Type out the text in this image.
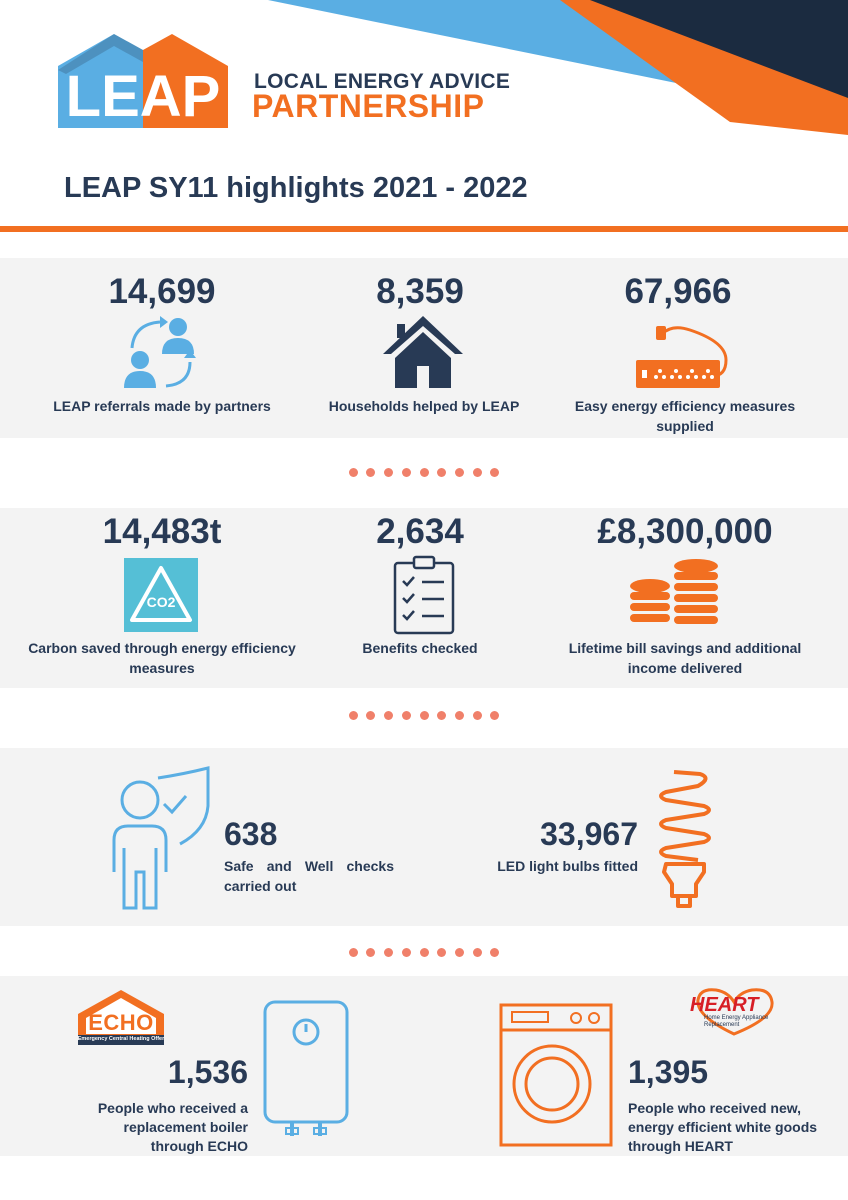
LEAP LOCAL ENERGY ADVICE
PARTNERSHIP
LEAP SY11 highlights 2021 - 2022
14,699
LEAP referrals made by partners
8,359
Households helped by LEAP
67,966
Easy energy efficiency measures supplied
14,483t
CO2
Carbon saved through energy efficiency measures
2,634
Benefits checked
£8,300,000
Lifetime bill savings and additional income delivered
638
Safe and Well checks
carried out
33,967
LED light bulbs fitted
ECHO
Emergency Central Heating Offer
1,536
People who received a
replacement boiler
through ECHO
HEART
Home Energy Appliance
Replacement
1,395
People who received new,
energy efficient white goods
through HEART
